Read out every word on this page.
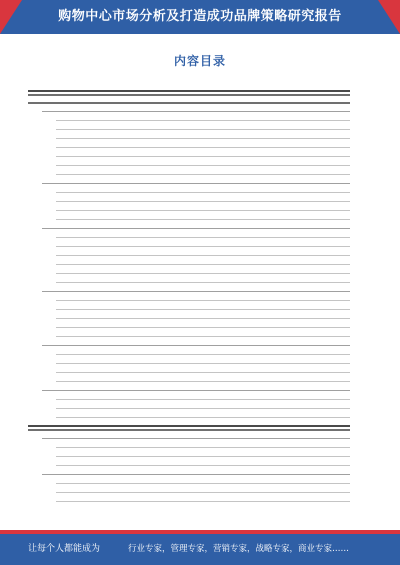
购物中心市场分析及打造成功品牌策略研究报告
内容目录
让每个人都能成为	行业专家，管理专家，营销专家，战略专家，商业专家……
